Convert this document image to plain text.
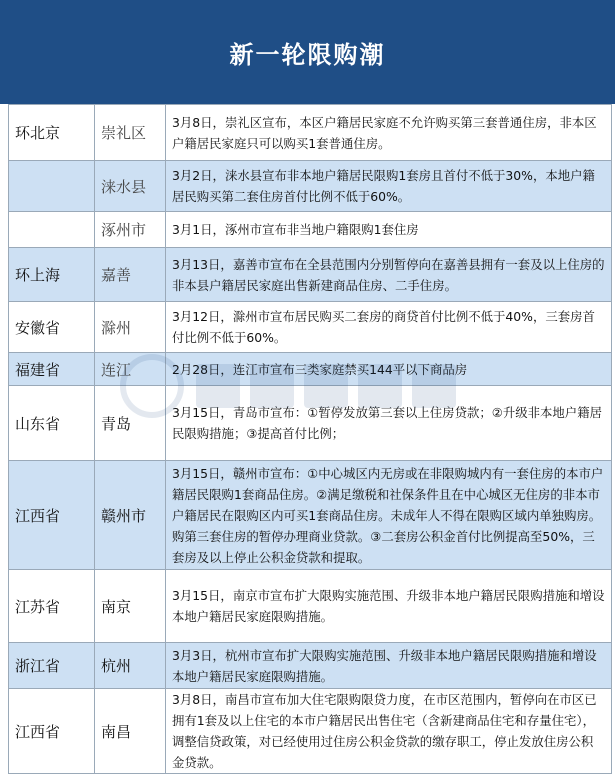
新一轮限购潮
环北京	崇礼区	3月8日，崇礼区宣布，本区户籍居民家庭不允许购买第三套普通住房，非本区户籍居民家庭只可以购买1套普通住房。
	涞水县	3月2日，涞水县宣布非本地户籍居民限购1套房且首付不低于30%，本地户籍居民购买第二套住房首付比例不低于60%。
	涿州市	3月1日，涿州市宣布非当地户籍限购1套住房
环上海	嘉善	3月13日，嘉善市宣布在全县范围内分别暂停向在嘉善县拥有一套及以上住房的非本县户籍居民家庭出售新建商品住房、二手住房。
安徽省	滁州	3月12日，滁州市宣布居民购买二套房的商贷首付比例不低于40%，三套房首付比例不低于60%。
福建省	连江	2月28日，连江市宣布三类家庭禁买144平以下商品房
山东省	青岛	3月15日，青岛市宣布：①暂停发放第三套以上住房贷款；②升级非本地户籍居民限购措施；③提高首付比例；
江西省	赣州市	3月15日，赣州市宣布：①中心城区内无房或在非限购城内有一套住房的本市户籍居民限购1套商品住房。②满足缴税和社保条件且在中心城区无住房的非本市户籍居民在限购区内可买1套商品住房。未成年人不得在限购区域内单独购房。购第三套住房的暂停办理商业贷款。③二套房公积金首付比例提高至50%，三套房及以上停止公积金贷款和提取。
江苏省	南京	3月15日，南京市宣布扩大限购实施范围、升级非本地户籍居民限购措施和增设本地户籍居民家庭限购措施。
浙江省	杭州	3月3日，杭州市宣布扩大限购实施范围、升级非本地户籍居民限购措施和增设本地户籍居民家庭限购措施。
江西省	南昌	3月8日，南昌市宣布加大住宅限购限贷力度，在市区范围内，暂停向在市区已拥有1套及以上住宅的本市户籍居民出售住宅（含新建商品住宅和存量住宅），调整信贷政策，对已经使用过住房公积金贷款的缴存职工，停止发放住房公积金贷款。
